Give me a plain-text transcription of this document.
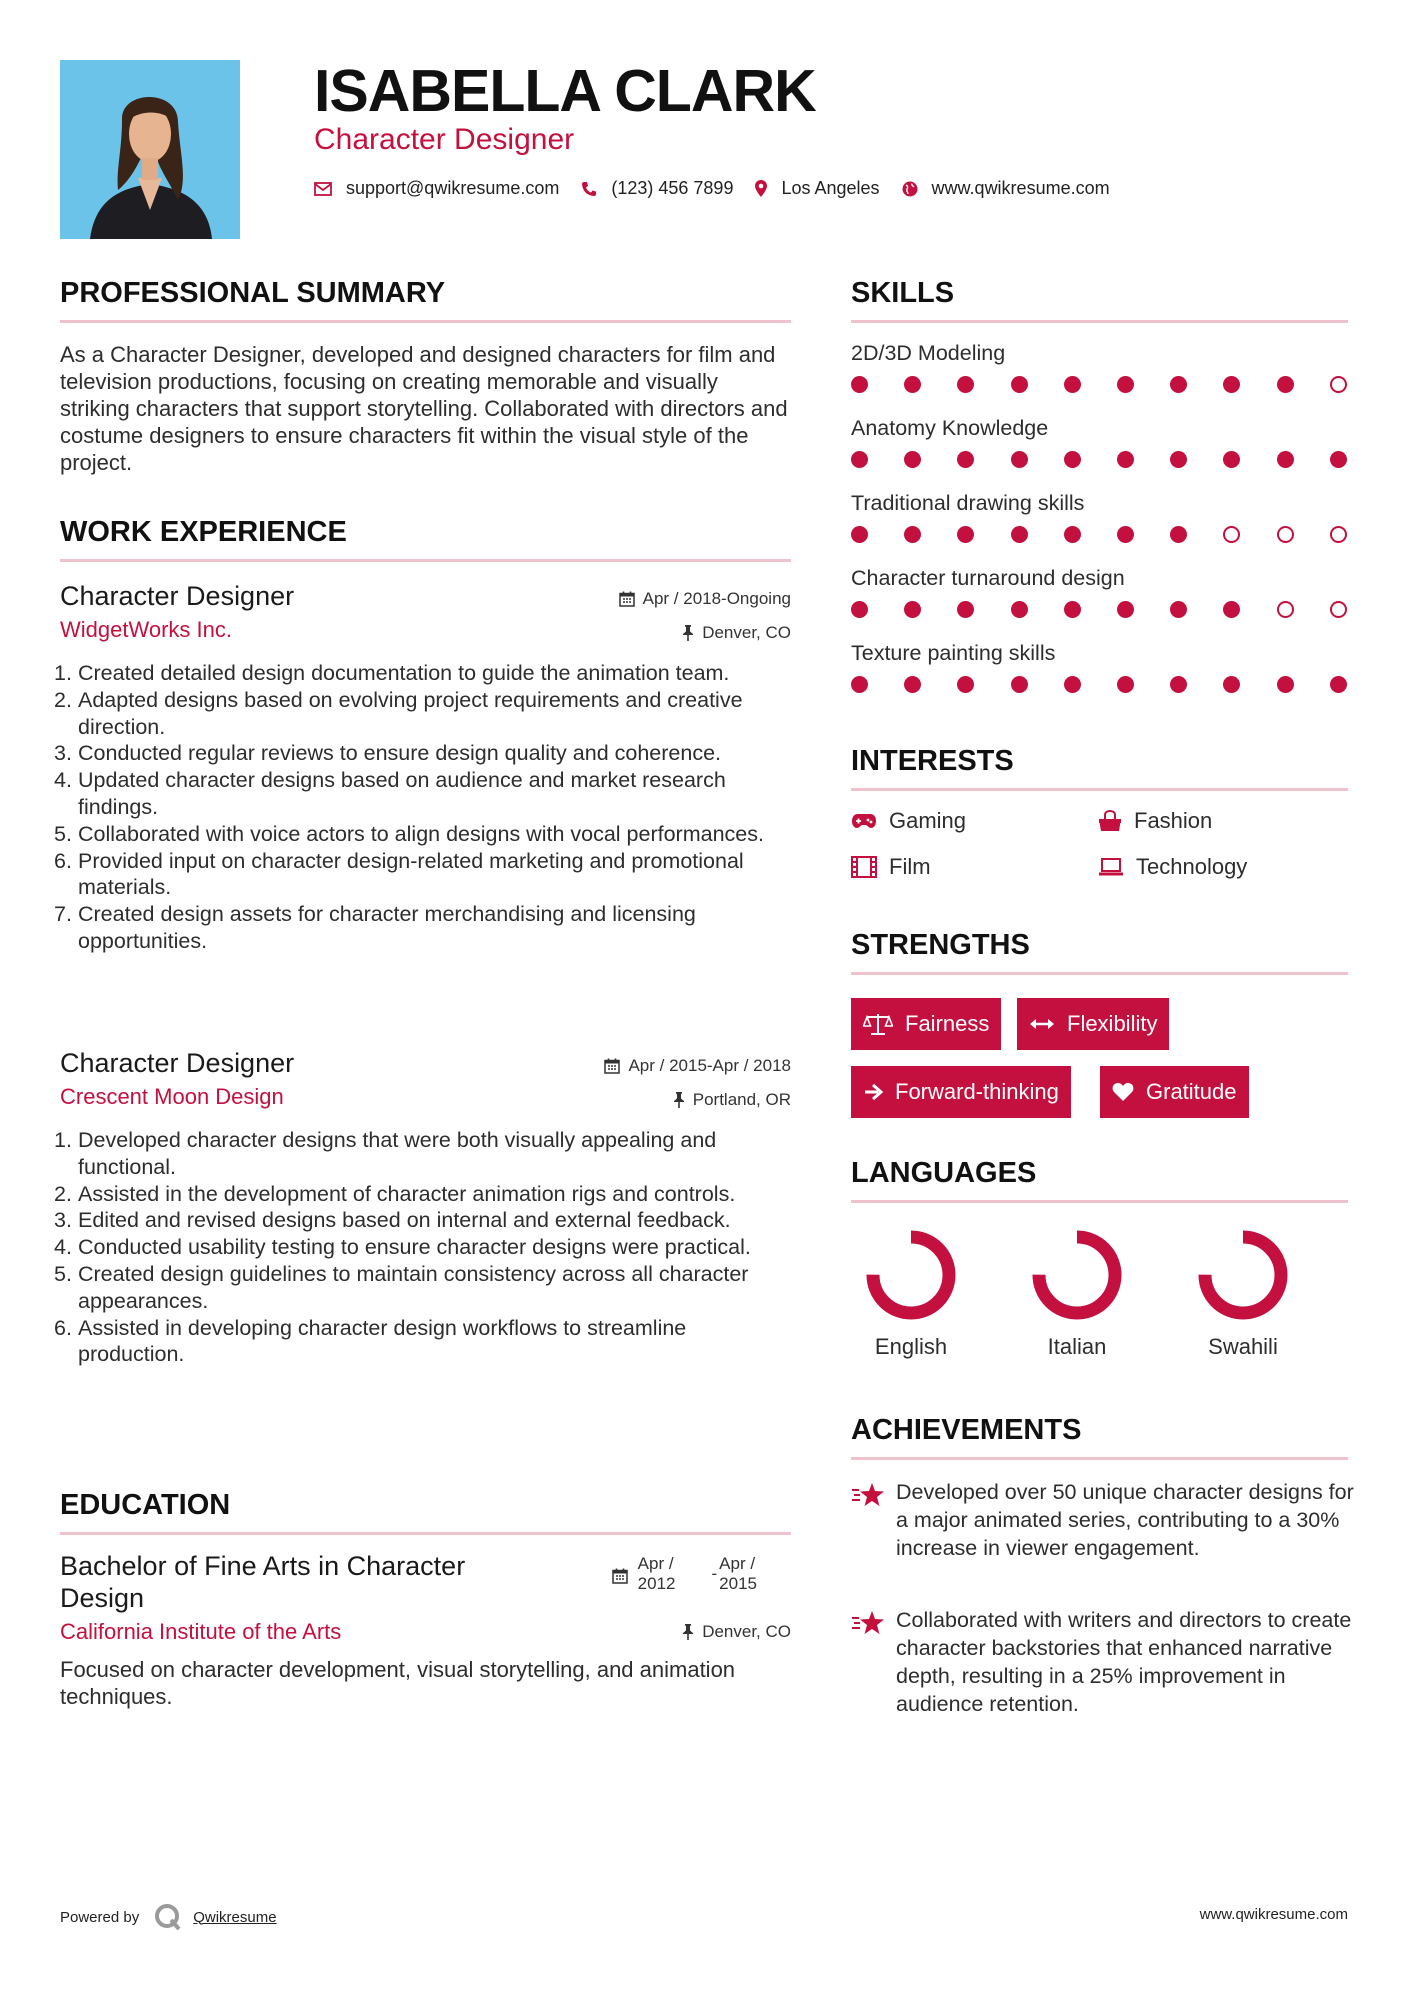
ISABELLA CLARK
Character Designer
support@qwikresume.com	(123) 456 7899	Los Angeles	www.qwikresume.com
PROFESSIONAL SUMMARY
As a Character Designer, developed and designed characters for film and television productions, focusing on creating memorable and visually striking characters that support storytelling. Collaborated with directors and costume designers to ensure characters fit within the visual style of the project.
WORK EXPERIENCE
Character Designer
WidgetWorks Inc.
Apr / 2018-Ongoing
Denver, CO
1. Created detailed design documentation to guide the animation team.
2. Adapted designs based on evolving project requirements and creative direction.
3. Conducted regular reviews to ensure design quality and coherence.
4. Updated character designs based on audience and market research findings.
5. Collaborated with voice actors to align designs with vocal performances.
6. Provided input on character design-related marketing and promotional materials.
7. Created design assets for character merchandising and licensing opportunities.
Character Designer
Crescent Moon Design
Apr / 2015-Apr / 2018
Portland, OR
1. Developed character designs that were both visually appealing and functional.
2. Assisted in the development of character animation rigs and controls.
3. Edited and revised designs based on internal and external feedback.
4. Conducted usability testing to ensure character designs were practical.
5. Created design guidelines to maintain consistency across all character appearances.
6. Assisted in developing character design workflows to streamline production.
EDUCATION
Bachelor of Fine Arts in Character Design
Apr /
2012
-
Apr /
2015
California Institute of the Arts	Denver, CO
Focused on character development, visual storytelling, and animation techniques.
SKILLS
2D/3D Modeling
Anatomy Knowledge
Traditional drawing skills
Character turnaround design
Texture painting skills
INTERESTS
Gaming	Fashion
Film	Technology
STRENGTHS
Fairness	Flexibility
Forward-thinking	Gratitude
LANGUAGES
English	Italian	Swahili
ACHIEVEMENTS
Developed over 50 unique character designs for a major animated series, contributing to a 30% increase in viewer engagement.
Collaborated with writers and directors to create character backstories that enhanced narrative depth, resulting in a 25% improvement in audience retention.
Powered by	Qwikresume	www.qwikresume.com
